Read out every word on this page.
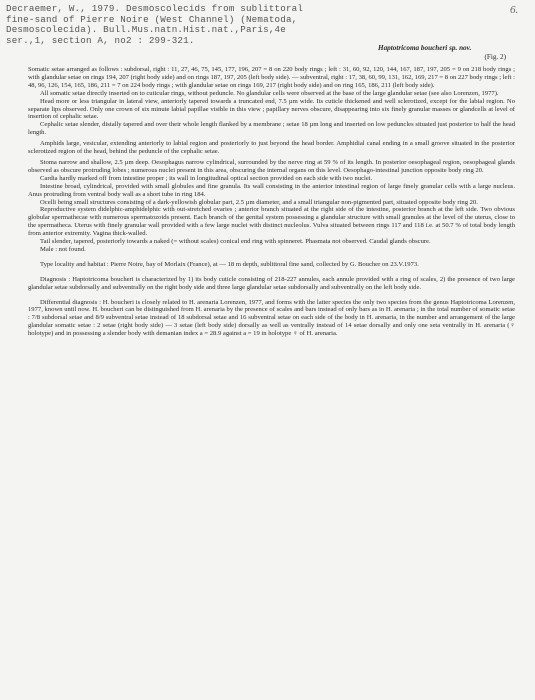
Decraemer, W., 1979. Desmoscolecids from sublittoral
fine-sand of Pierre Noire (West Channel) (Nematoda,
Desmoscolecida). Bull.Mus.natn.Hist.nat.,Paris,4e
ser.,1, section A, no2 : 299-321.
6.
Haptotricoma boucheri sp. nov.
(Fig. 2)

Somatic setae arranged as follows : subdorsal, right : 11, 27, 46, 75, 145, 177, 196, 207 = 8 on 220 body rings ; left : 31, 60, 92, 120, 144, 167, 187, 197, 205 = 9 on 218 body rings ; with glandular setae on rings 194, 207 (right body side) and on rings 187, 197, 205 (left body side). — subventral, right : 17, 38, 60, 99, 131, 162, 169, 217 = 8 on 227 body rings ; left : 48, 96, 126, 154, 165, 186, 211 = 7 on 224 body rings ; with glandular setae on rings 169, 217 (right body side) and on ring 165, 186, 211 (left body side).

All somatic setae directly inserted on to cuticular rings, without peduncle. No glandular cells were observed at the base of the large glandular setae (see also Lorenzen, 1977).

Head more or less triangular in lateral view, anteriorly tapered towards a truncated end, 7.5 µm wide. Its cuticle thickened and well sclerotized, except for the labial region. No separate lips observed. Only one crown of six minute labial papillae visible in this view ; papillary nerves obscure, disappearing into six finely granular masses or glandcells at level of insertion of cephalic setae.

Cephalic setae slender, distally tapered and over their whole length flanked by a membrane ; setae 18 µm long and inserted on low peduncles situated just posterior to half the head length.

Amphids large, vesicular, extending anteriorly to labial region and posteriorly to just beyond the head border. Amphidial canal ending in a small groove situated in the posterior sclerotized region of the head, behind the peduncle of the cephalic setae.

Stoma narrow and shallow, 2.5 µm deep. Oesophagus narrow cylindrical, surrounded by the nerve ring at 59 % of its length. In posterior oesophageal region, oesophageal glands observed as obscure protruding lobes ; numerous nuclei present in this area, obscuring the internal organs on this level. Oesophago-intestinal junction opposite body ring 20.

Cardia hardly marked off from intestine proper ; its wall in longitudinal optical section provided on each side with two nuclei.

Intestine broad, cylindrical, provided with small globules and fine granula. Its wall consisting in the anterior intestinal region of large finely granular cells with a large nucleus. Anus protruding from ventral body wall as a short tube in ring 184.

Ocelli being small structures consisting of a dark-yellowish globular part, 2.5 µm diameter, and a small triangular non-pigmented part, situated opposite body ring 20.

Reproductive system didelphic-amphidelphic with out-stretched ovaries ; anterior branch situated at the right side of the intestine, posterior branch at the left side. Two obvious globular spermathecae with numerous spermatozoids present. Each branch of the genital system possessing a glandular structure with small granules at the level of the uterus, close to the spermatheca. Uterus with finely granular wall provided with a few large nuclei with distinct nucleolus. Vulva situated between rings 117 and 118 i.e. at 50.7 % of total body length from anterior extremity. Vagina thick-walled.

Tail slender, tapered, posteriorly towards a naked (= without scales) conical end ring with spinneret. Phasmata not observed. Caudal glands obscure.

Male : not found.

Type locality and habitat : Pierre Noire, bay of Morlaix (France), at — 18 m depth, sublittoral fine sand, collected by G. Boucher on 23.V.1973.

Diagnosis : Haptotricoma boucheri is characterized by 1) its body cuticle consisting of 218-227 annules, each annule provided with a ring of scales, 2) the presence of two large glandular setae subdorsally and subventrally on the right body side and three large glandular setae subdorsally and subventrally on the left body side.

Differential diagnosis : H. boucheri is closely related to H. arenaria Lorenzen, 1977, and forms with the latter species the only two species from the genus Haptotricoma Lorenzen, 1977, known until now. H. boucheri can be distinguished from H. arenaria by the presence of scales and bars instead of only bars as in H. arenaria ; in the total number of somatic setae : 7/8 subdorsal setae and 8/9 subventral setae instead of 18 subdorsal setae and 16 subventral setae on each side of the body in H. arenaria, in the number and arrangement of the large glandular somatic setae : 2 setae (right body side) — 3 setae (left body side) dorsally as well as ventrally instead of 14 setae dorsally and only one seta ventrally in H. arenaria (♀ holotype) and in possessing a slender body with demanian index a = 28.9 against a = 19 in holotype ♀ of H. arenaria.
